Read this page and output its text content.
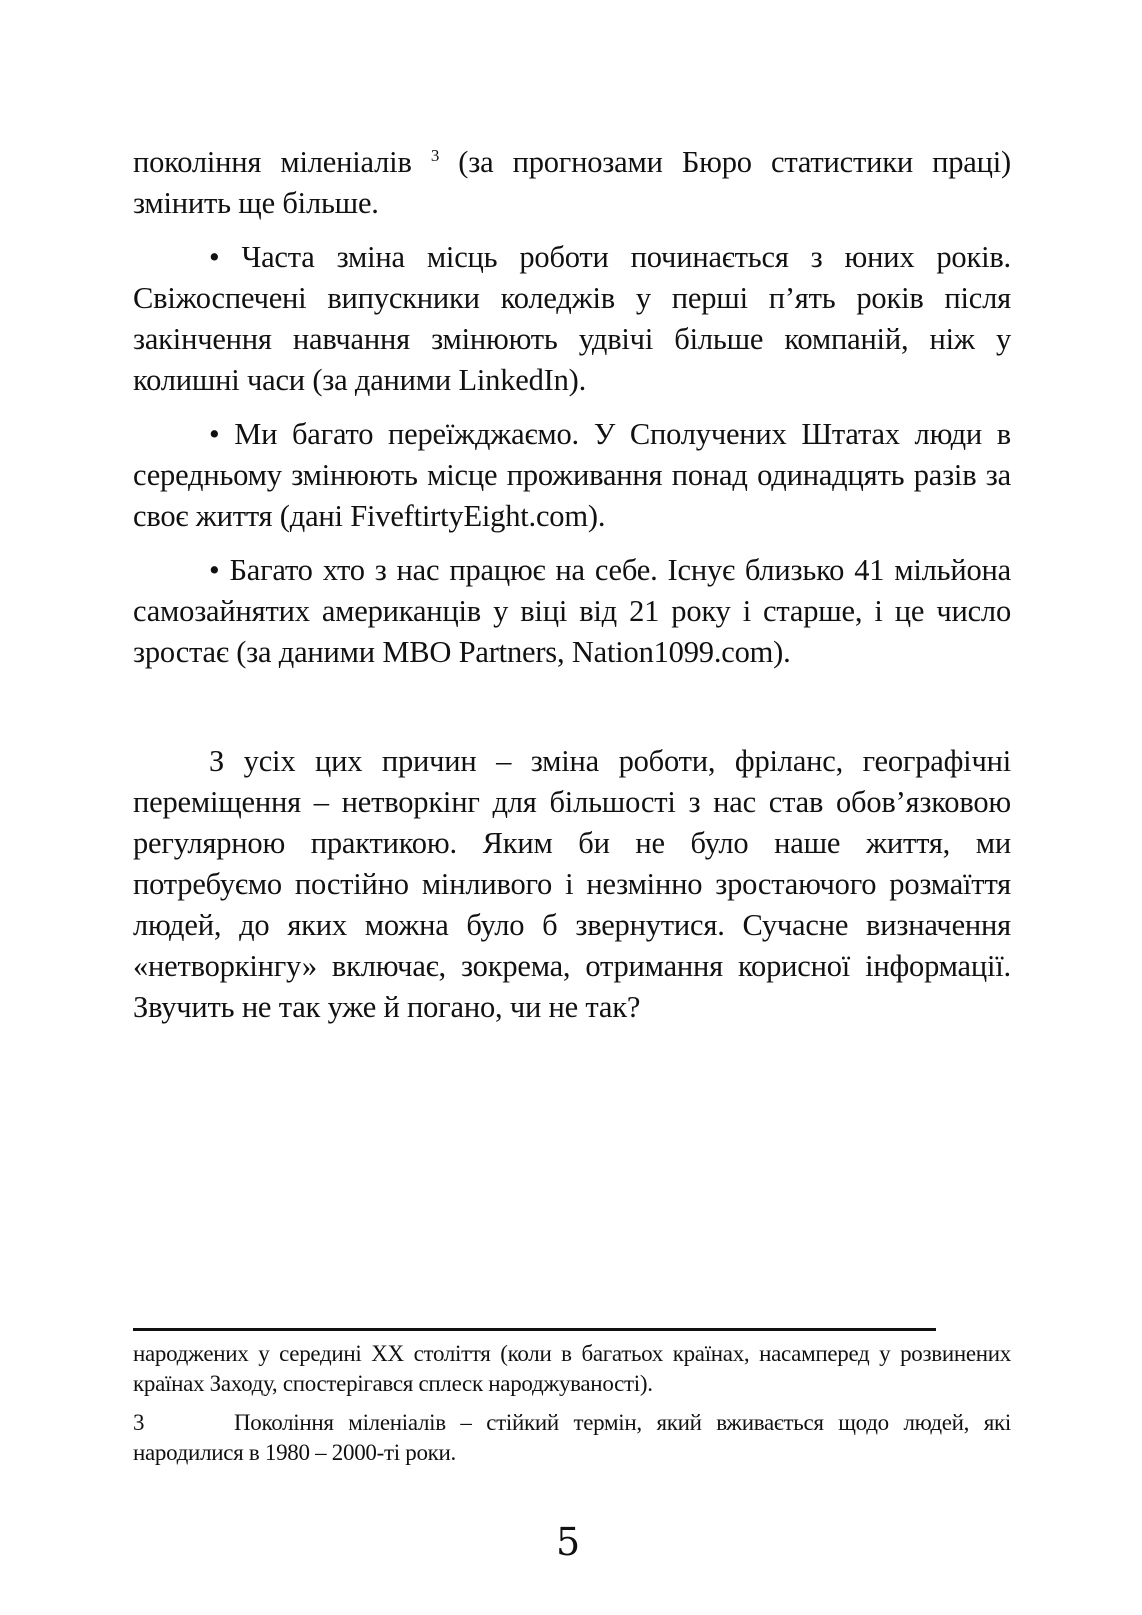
покоління міленіалів $^3$ (за прогнозами Бюро статистики праці) змінить ще більше.

• Часта зміна місць роботи починається з юних років. Свіжоспечені випускники коледжів у перші п’ять років після закінчення навчання змінюють удвічі більше компаній, ніж у колишні часи (за даними LinkedIn).

• Ми багато переїжджаємо. У Сполучених Штатах люди в середньому змінюють місце проживання понад одинадцять разів за своє життя (дані FiveftirtyEight.com).

• Багато хто з нас працює на себе. Існує близько 41 мільйона самозайнятих американців у віці від 21 року і старше, і це число зростає (за даними MBO Partners, Nation1099.com).

З усіх цих причин – зміна роботи, фріланс, географічні переміщення – нетворкінг для більшості з нас став обов’язковою регулярною практикою. Яким би не було наше життя, ми потребуємо постійно мінливого і незмінно зростаючого розмаїття людей, до яких можна було б звернутися. Сучасне визначення «нетворкінгу» включає, зокрема, отримання корисної інформації. Звучить не так уже й погано, чи не так?

народжених у середині XX століття (коли в багатьох країнах, насамперед у розвинених країнах Заходу, спостерігався сплеск народжуваності).

3	Покоління міленіалів – стійкий термін, який вживається щодо людей, які народилися в 1980 – 2000-ті роки.

5
